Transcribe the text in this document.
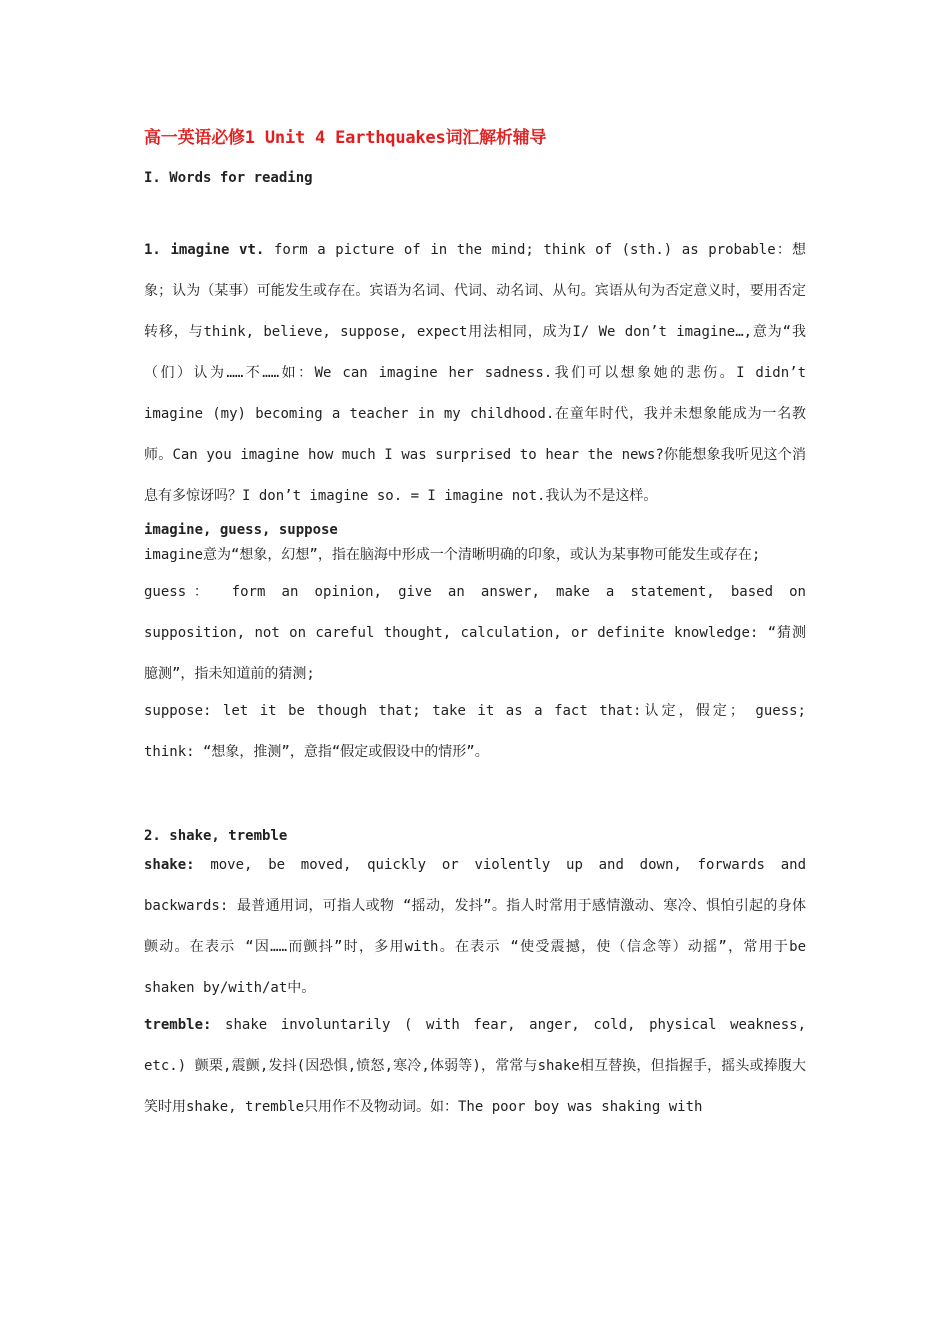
高一英语必修1 Unit 4 Earthquakes词汇解析辅导
I. Words for reading

1. imagine vt. form a picture of in the mind; think of (sth.) as probable：想象；认为（某事）可能发生或存在。宾语为名词、代词、动名词、从句。宾语从句为否定意义时，要用否定转移，与think, believe, suppose, expect用法相同，成为I/ We don’t imagine…,意为“我（们）认为……不……如：We can imagine her sadness.我们可以想象她的悲伤。I didn’t imagine (my) becoming a teacher in my childhood.在童年时代，我并未想象能成为一名教师。Can you imagine how much I was surprised to hear the news?你能想象我听见这个消息有多惊讶吗？I don’t imagine so. = I imagine not.我认为不是这样。

imagine, guess, suppose

imagine意为“想象，幻想”，指在脑海中形成一个清晰明确的印象，或认为某事物可能发生或存在;

guess： form an opinion, give an answer, make a statement, based on supposition, not on careful thought, calculation, or definite knowledge: “猜测臆测”，指未知道前的猜测;

suppose: let it be though that; take it as a fact that:认定，假定； guess; think: “想象，推测”，意指“假定或假设中的情形”。

2. shake, tremble

shake: move, be moved, quickly or violently up and down, forwards and backwards: 最普通用词，可指人或物 “摇动，发抖”。指人时常用于感情激动、寒冷、惧怕引起的身体颤动。在表示 “因……而颤抖”时，多用with。在表示 “使受震撼，使（信念等）动摇”，常用于be shaken by/with/at中。

tremble: shake involuntarily ( with fear, anger, cold, physical weakness, etc.) 颤栗,震颤,发抖(因恐惧,愤怒,寒冷,体弱等)，常常与shake相互替换，但指握手，摇头或捧腹大笑时用shake, tremble只用作不及物动词。如：The poor boy was shaking with
